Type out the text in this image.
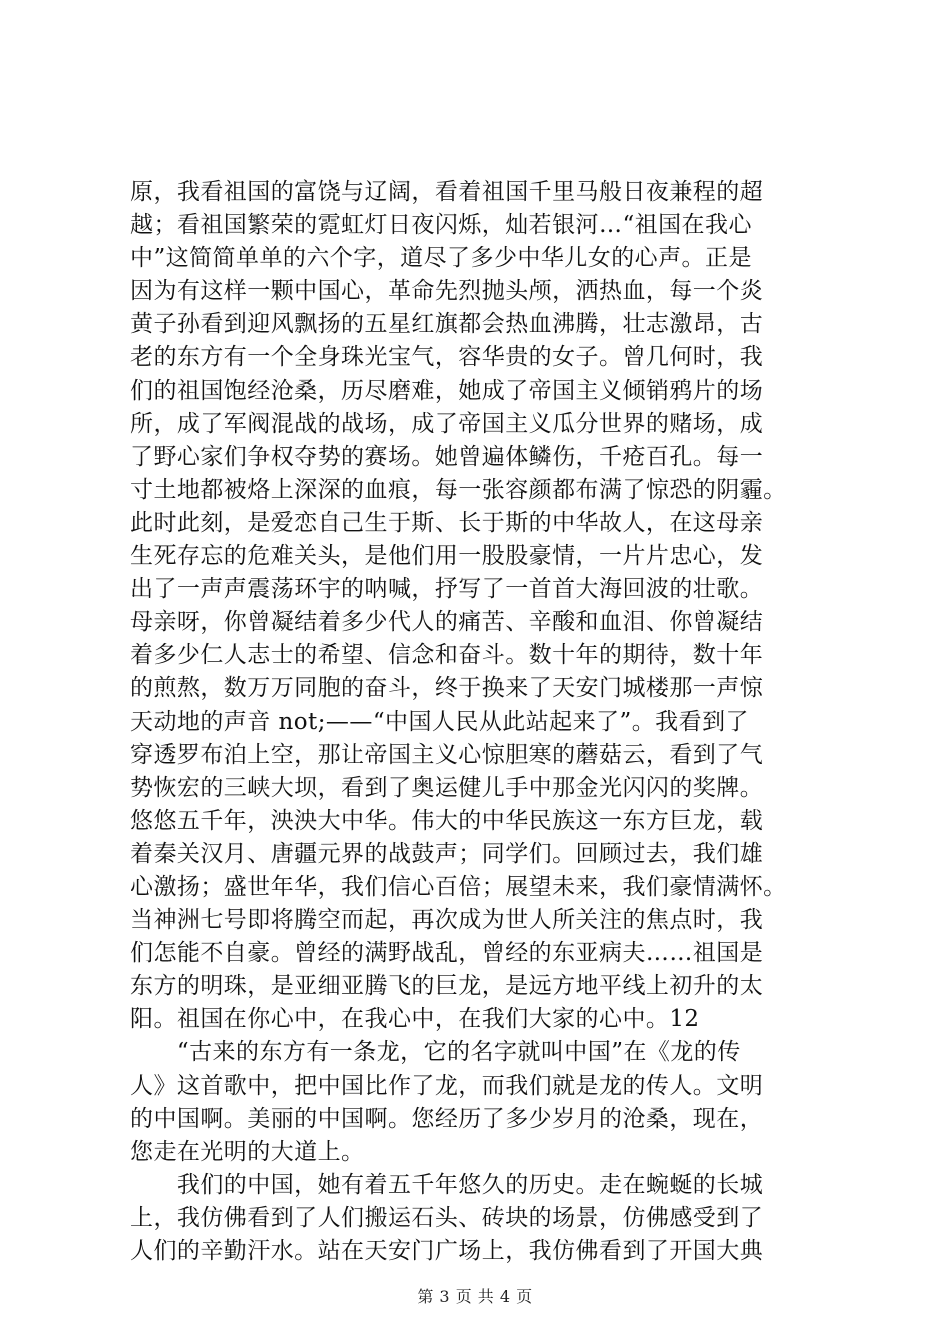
原，我看祖国的富饶与辽阔，看着祖国千里马般日夜兼程的超
越；看祖国繁荣的霓虹灯日夜闪烁，灿若银河…“祖国在我心
中”这简简单单的六个字，道尽了多少中华儿女的心声。正是
因为有这样一颗中国心，革命先烈抛头颅，洒热血，每一个炎
黄子孙看到迎风飘扬的五星红旗都会热血沸腾，壮志激昂，古
老的东方有一个全身珠光宝气，容华贵的女子。曾几何时，我
们的祖国饱经沧桑，历尽磨难，她成了帝国主义倾销鸦片的场
所，成了军阀混战的战场，成了帝国主义瓜分世界的赌场，成
了野心家们争权夺势的赛场。她曾遍体鳞伤，千疮百孔。每一
寸土地都被烙上深深的血痕，每一张容颜都布满了惊恐的阴霾。
此时此刻，是爱恋自己生于斯、长于斯的中华故人，在这母亲
生死存忘的危难关头，是他们用一股股豪情，一片片忠心，发
出了一声声震荡环宇的呐喊，抒写了一首首大海回波的壮歌。
母亲呀，你曾凝结着多少代人的痛苦、辛酸和血泪、你曾凝结
着多少仁人志士的希望、信念和奋斗。数十年的期待，数十年
的煎熬，数万万同胞的奋斗，终于换来了天安门城楼那一声惊
天动地的声音 not;——“中国人民从此站起来了”。我看到了
穿透罗布泊上空，那让帝国主义心惊胆寒的蘑菇云，看到了气
势恢宏的三峡大坝，看到了奥运健儿手中那金光闪闪的奖牌。
悠悠五千年，泱泱大中华。伟大的中华民族这一东方巨龙，载
着秦关汉月、唐疆元界的战鼓声；同学们。回顾过去，我们雄
心激扬；盛世年华，我们信心百倍；展望未来，我们豪情满怀。
当神洲七号即将腾空而起，再次成为世人所关注的焦点时，我
们怎能不自豪。曾经的满野战乱，曾经的东亚病夫……祖国是
东方的明珠，是亚细亚腾飞的巨龙，是远方地平线上初升的太
阳。祖国在你心中，在我心中，在我们大家的心中。12
　　“古来的东方有一条龙，它的名字就叫中国”在《龙的传
人》这首歌中，把中国比作了龙，而我们就是龙的传人。文明
的中国啊。美丽的中国啊。您经历了多少岁月的沧桑，现在，
您走在光明的大道上。
　　我们的中国，她有着五千年悠久的历史。走在蜿蜒的长城
上，我仿佛看到了人们搬运石头、砖块的场景，仿佛感受到了
人们的辛勤汗水。站在天安门广场上，我仿佛看到了开国大典
第 3 页 共 4 页
